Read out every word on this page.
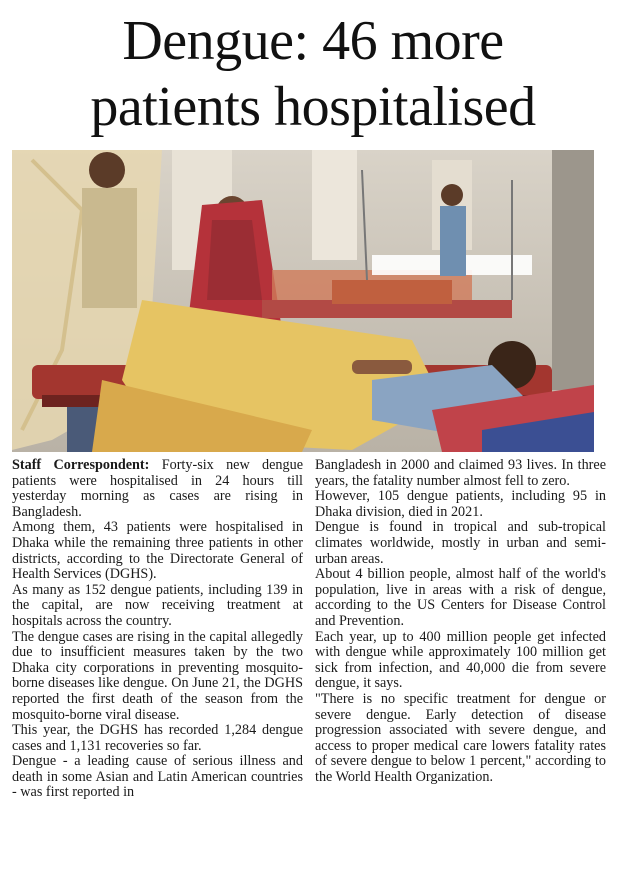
Dengue: 46 more
patients hospitalised

Staff Correspondent: Forty-six new dengue patients were hospitalised in 24 hours till yesterday morning as cases are rising in Bangladesh.

Among them, 43 patients were hospitalised in Dhaka while the remaining three patients in other districts, according to the Directorate General of Health Services (DGHS).

As many as 152 dengue patients, including 139 in the capital, are now receiving treatment at hospitals across the country.

The dengue cases are rising in the capital allegedly due to insufficient measures taken by the two Dhaka city corporations in preventing mosquito-borne diseases like dengue. On June 21, the DGHS reported the first death of the season from the mosquito-borne viral disease.

This year, the DGHS has recorded 1,284 dengue cases and 1,131 recoveries so far.

Dengue - a leading cause of serious illness and death in some Asian and Latin American countries - was first reported in

Bangladesh in 2000 and claimed 93 lives. In three years, the fatality number almost fell to zero.

However, 105 dengue patients, including 95 in Dhaka division, died in 2021.

Dengue is found in tropical and sub-tropical climates worldwide, mostly in urban and semi-urban areas.

About 4 billion people, almost half of the world's population, live in areas with a risk of dengue, according to the US Centers for Disease Control and Prevention.

Each year, up to 400 million people get infected with dengue while approximately 100 million get sick from infection, and 40,000 die from severe dengue, it says.

"There is no specific treatment for dengue or severe dengue. Early detection of disease progression associated with severe dengue, and access to proper medical care lowers fatality rates of severe dengue to below 1 percent," according to the World Health Organization.
